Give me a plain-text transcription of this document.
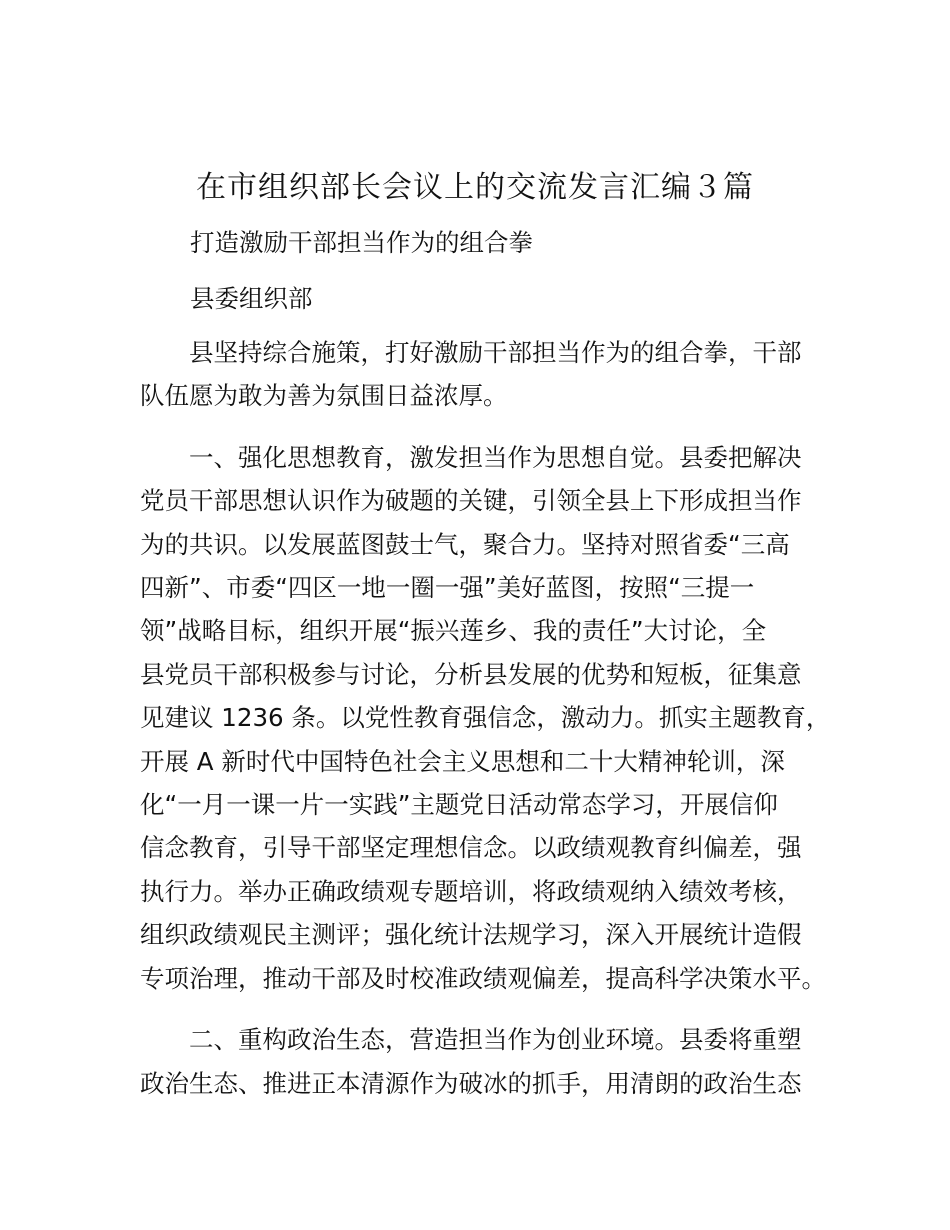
在市组织部长会议上的交流发言汇编３篇

打造激励干部担当作为的组合拳

县委组织部

县坚持综合施策，打好激励干部担当作为的组合拳，干部
队伍愿为敢为善为氛围日益浓厚。

一、强化思想教育，激发担当作为思想自觉。县委把解决
党员干部思想认识作为破题的关键，引领全县上下形成担当作
为的共识。以发展蓝图鼓士气，聚合力。坚持对照省委“三高
四新”、市委“四区一地一圈一强”美好蓝图，按照“三提一
领”战略目标，组织开展“振兴莲乡、我的责任”大讨论，全
县党员干部积极参与讨论，分析县发展的优势和短板，征集意
见建议 1236 条。以党性教育强信念，激动力。抓实主题教育，
开展 A 新时代中国特色社会主义思想和二十大精神轮训，深
化“一月一课一片一实践”主题党日活动常态学习，开展信仰
信念教育，引导干部坚定理想信念。以政绩观教育纠偏差，强
执行力。举办正确政绩观专题培训，将政绩观纳入绩效考核，
组织政绩观民主测评；强化统计法规学习，深入开展统计造假
专项治理，推动干部及时校准政绩观偏差，提高科学决策水平。

二、重构政治生态，营造担当作为创业环境。县委将重塑
政治生态、推进正本清源作为破冰的抓手，用清朗的政治生态
